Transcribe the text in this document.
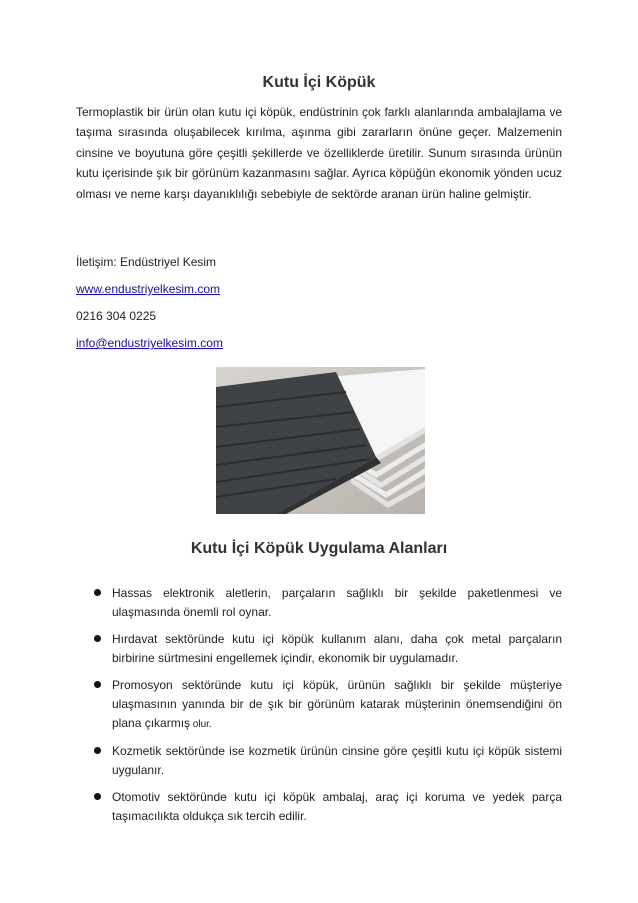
Kutu İçi Köpük

Termoplastik bir ürün olan kutu içi köpük, endüstrinin çok farklı alanlarında ambalajlama ve taşıma sırasında oluşabilecek kırılma, aşınma gibi zararların önüne geçer. Malzemenin cinsine ve boyutuna göre çeşitli şekillerde ve özelliklerde üretilir. Sunum sırasında ürünün kutu içerisinde şık bir görünüm kazanmasını sağlar. Ayrıca köpüğün ekonomik yönden ucuz olması ve neme karşı dayanıklılığı sebebiyle de sektörde aranan ürün haline gelmiştir.

İletişim: Endüstriyel Kesim

www.endustriyelkesim.com

0216 304 0225

info@endustriyelkesim.com
Kutu İçi Köpük Uygulama Alanları
Hassas elektronik aletlerin, parçaların sağlıklı bir şekilde paketlenmesi ve ulaşmasında önemli rol oynar.
Hırdavat sektöründe kutu içi köpük kullanım alanı, daha çok metal parçaların birbirine sürtmesini engellemek içindir, ekonomik bir uygulamadır.
Promosyon sektöründe kutu içi köpük, ürünün sağlıklı bir şekilde müşteriye ulaşmasının yanında bir de şık bir görünüm katarak müşterinin önemsendiğini ön plana çıkarmış olur.
Kozmetik sektöründe ise kozmetik ürünün cinsine göre çeşitli kutu içi köpük sistemi uygulanır.
Otomotiv sektöründe kutu içi köpük ambalaj, araç içi koruma ve yedek parça taşımacılıkta oldukça sık tercih edilir.
